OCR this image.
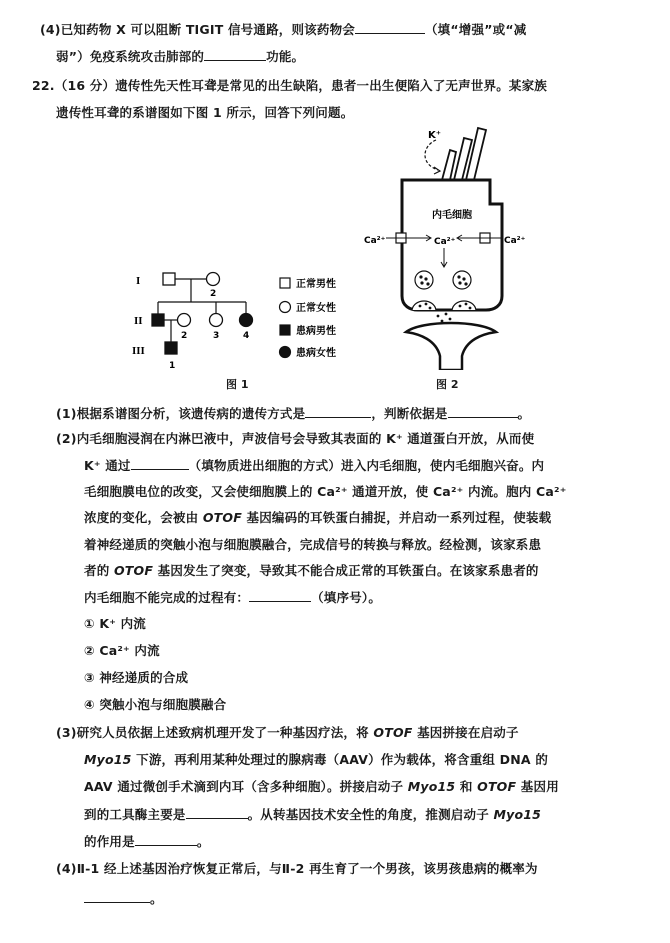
(4)已知药物 X 可以阻断 TIGIT 信号通路，则该药物会	（填“增强”或“减
弱”）免疫系统攻击肺部的	功能。
22.（16 分）遗传性先天性耳聋是常见的出生缺陷，患者一出生便陷入了无声世界。某家族
遗传性耳聋的系谱图如下图 1 所示，回答下列问题。
I
II
III
2
2	3	4
1
正常男性
正常女性
患病男性
患病女性
图 1
K⁺
内毛细胞
Ca²⁺	Ca²⁺	Ca²⁺
图 2
(1)根据系谱图分析，该遗传病的遗传方式是	，判断依据是	。
(2)内毛细胞浸润在内淋巴液中，声波信号会导致其表面的 K⁺ 通道蛋白开放，从而使
K⁺ 通过	（填物质进出细胞的方式）进入内毛细胞，使内毛细胞兴奋。内
毛细胞膜电位的改变，又会使细胞膜上的 Ca²⁺ 通道开放，使 Ca²⁺ 内流。胞内 Ca²⁺
浓度的变化，会被由 OTOF 基因编码的耳铁蛋白捕捉，并启动一系列过程，使装载
着神经递质的突触小泡与细胞膜融合，完成信号的转换与释放。经检测，该家系患
者的 OTOF 基因发生了突变，导致其不能合成正常的耳铁蛋白。在该家系患者的
内毛细胞不能完成的过程有：	（填序号）。
① K⁺ 内流
② Ca²⁺ 内流
③ 神经递质的合成
④ 突触小泡与细胞膜融合
(3)研究人员依据上述致病机理开发了一种基因疗法，将 OTOF 基因拼接在启动子
Myo15 下游，再利用某种处理过的腺病毒（AAV）作为载体，将含重组 DNA 的
AAV 通过微创手术滴到内耳（含多种细胞）。拼接启动子 Myo15 和 OTOF 基因用
到的工具酶主要是	。从转基因技术安全性的角度，推测启动子 Myo15
的作用是	。
(4)Ⅱ-1 经上述基因治疗恢复正常后，与Ⅱ-2 再生育了一个男孩，该男孩患病的概率为
。
